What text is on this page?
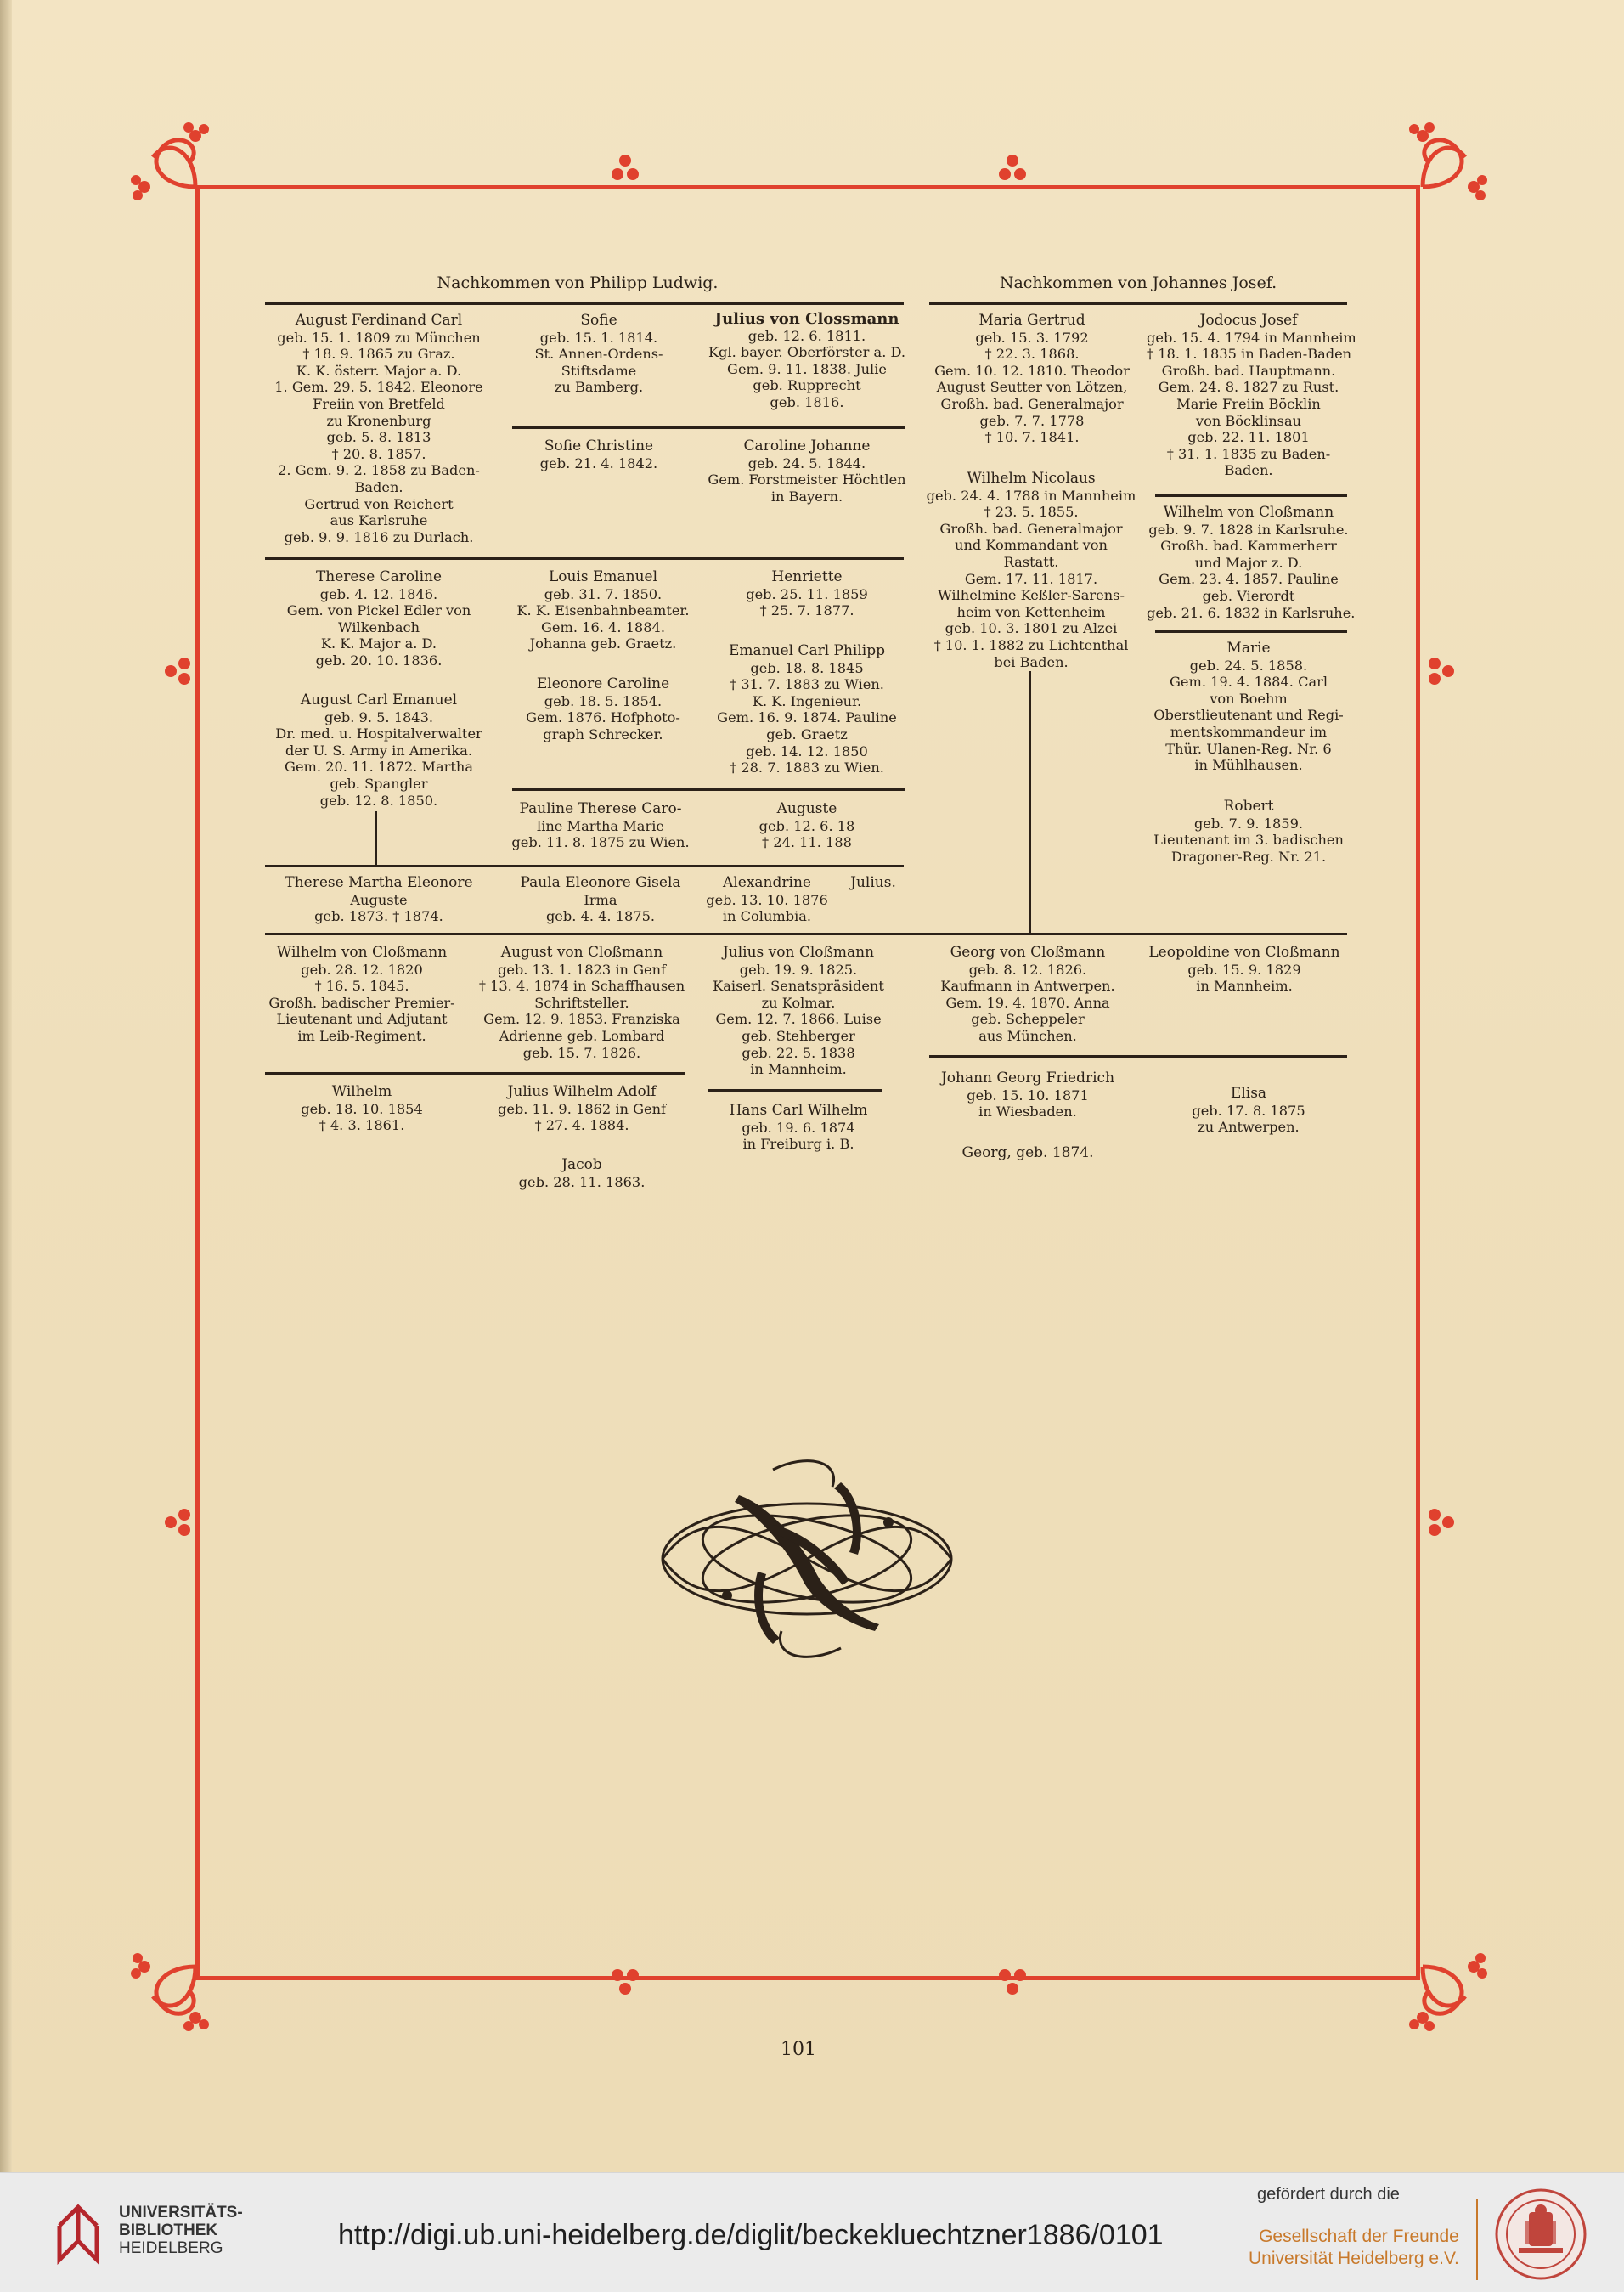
Nachkommen von Philipp Ludwig.	Nachkommen von Johannes Josef.
August Ferdinand Carl
geb. 15. 1. 1809 zu München
† 18. 9. 1865 zu Graz.
K. K. österr. Major a. D.
1. Gem. 29. 5. 1842. Eleonore
Freiin von Bretfeld
zu Kronenburg
geb. 5. 8. 1813
† 20. 8. 1857.
2. Gem. 9. 2. 1858 zu Baden-
Baden.
Gertrud von Reichert
aus Karlsruhe
geb. 9. 9. 1816 zu Durlach.
Sofie
geb. 15. 1. 1814.
St. Annen-Ordens-
Stiftsdame
zu Bamberg.
Julius von Clossmann
geb. 12. 6. 1811.
Kgl. bayer. Oberförster a. D.
Gem. 9. 11. 1838. Julie
geb. Rupprecht
geb. 1816.
Sofie Christine
geb. 21. 4. 1842.
Caroline Johanne
geb. 24. 5. 1844.
Gem. Forstmeister Höchtlen
in Bayern.
Therese Caroline
geb. 4. 12. 1846.
Gem. von Pickel Edler von
Wilkenbach
K. K. Major a. D.
geb. 20. 10. 1836.
August Carl Emanuel
geb. 9. 5. 1843.
Dr. med. u. Hospitalverwalter
der U. S. Army in Amerika.
Gem. 20. 11. 1872. Martha
geb. Spangler
geb. 12. 8. 1850.
Louis Emanuel
geb. 31. 7. 1850.
K. K. Eisenbahnbeamter.
Gem. 16. 4. 1884.
Johanna geb. Graetz.
Eleonore Caroline
geb. 18. 5. 1854.
Gem. 1876. Hofphoto-
graph Schrecker.
Henriette
geb. 25. 11. 1859
† 25. 7. 1877.
Emanuel Carl Philipp
geb. 18. 8. 1845
† 31. 7. 1883 zu Wien.
K. K. Ingenieur.
Gem. 16. 9. 1874. Pauline
geb. Graetz
geb. 14. 12. 1850
† 28. 7. 1883 zu Wien.
Pauline Therese Caro-
line Martha Marie
geb. 11. 8. 1875 zu Wien.
Auguste
geb. 12. 6. 18
† 24. 11. 188
Therese Martha Eleonore
Auguste
geb. 1873. † 1874.
Paula Eleonore Gisela
Irma
geb. 4. 4. 1875.
Alexandrine
geb. 13. 10. 1876
in Columbia.
Julius.
Maria Gertrud
geb. 15. 3. 1792
† 22. 3. 1868.
Gem. 10. 12. 1810. Theodor
August Seutter von Lötzen,
Großh. bad. Generalmajor
geb. 7. 7. 1778
† 10. 7. 1841.
Wilhelm Nicolaus
geb. 24. 4. 1788 in Mannheim
† 23. 5. 1855.
Großh. bad. Generalmajor
und Kommandant von
Rastatt.
Gem. 17. 11. 1817.
Wilhelmine Keßler-Sarens-
heim von Kettenheim
geb. 10. 3. 1801 zu Alzei
† 10. 1. 1882 zu Lichtenthal
bei Baden.
Jodocus Josef
geb. 15. 4. 1794 in Mannheim
† 18. 1. 1835 in Baden-Baden
Großh. bad. Hauptmann.
Gem. 24. 8. 1827 zu Rust.
Marie Freiin Böcklin
von Böcklinsau
geb. 22. 11. 1801
† 31. 1. 1835 zu Baden-
Baden.
Wilhelm von Cloßmann
geb. 9. 7. 1828 in Karlsruhe.
Großh. bad. Kammerherr
und Major z. D.
Gem. 23. 4. 1857. Pauline
geb. Vierordt
geb. 21. 6. 1832 in Karlsruhe.
Marie
geb. 24. 5. 1858.
Gem. 19. 4. 1884. Carl
von Boehm
Oberstlieutenant und Regi-
mentskommandeur im
Thür. Ulanen-Reg. Nr. 6
in Mühlhausen.
Robert
geb. 7. 9. 1859.
Lieutenant im 3. badischen
Dragoner-Reg. Nr. 21.
Wilhelm von Cloßmann
geb. 28. 12. 1820
† 16. 5. 1845.
Großh. badischer Premier-
Lieutenant und Adjutant
im Leib-Regiment.
August von Cloßmann
geb. 13. 1. 1823 in Genf
† 13. 4. 1874 in Schaffhausen
Schriftsteller.
Gem. 12. 9. 1853. Franziska
Adrienne geb. Lombard
geb. 15. 7. 1826.
Julius von Cloßmann
geb. 19. 9. 1825.
Kaiserl. Senatspräsident
zu Kolmar.
Gem. 12. 7. 1866. Luise
geb. Stehberger
geb. 22. 5. 1838
in Mannheim.
Georg von Cloßmann
geb. 8. 12. 1826.
Kaufmann in Antwerpen.
Gem. 19. 4. 1870. Anna
geb. Scheppeler
aus München.
Leopoldine von Cloßmann
geb. 15. 9. 1829
in Mannheim.
Wilhelm
geb. 18. 10. 1854
† 4. 3. 1861.
Julius Wilhelm Adolf
geb. 11. 9. 1862 in Genf
† 27. 4. 1884.
Jacob
geb. 28. 11. 1863.
Hans Carl Wilhelm
geb. 19. 6. 1874
in Freiburg i. B.
Johann Georg Friedrich
geb. 15. 10. 1871
in Wiesbaden.
Georg, geb. 1874.
Elisa
geb. 17. 8. 1875
zu Antwerpen.
101
UNIVERSITÄTS-
BIBLIOTHEK
HEIDELBERG	http://digi.ub.uni-heidelberg.de/diglit/beckekluechtzner1886/0101
gefördert durch die
Gesellschaft der Freunde
Universität Heidelberg e.V.
